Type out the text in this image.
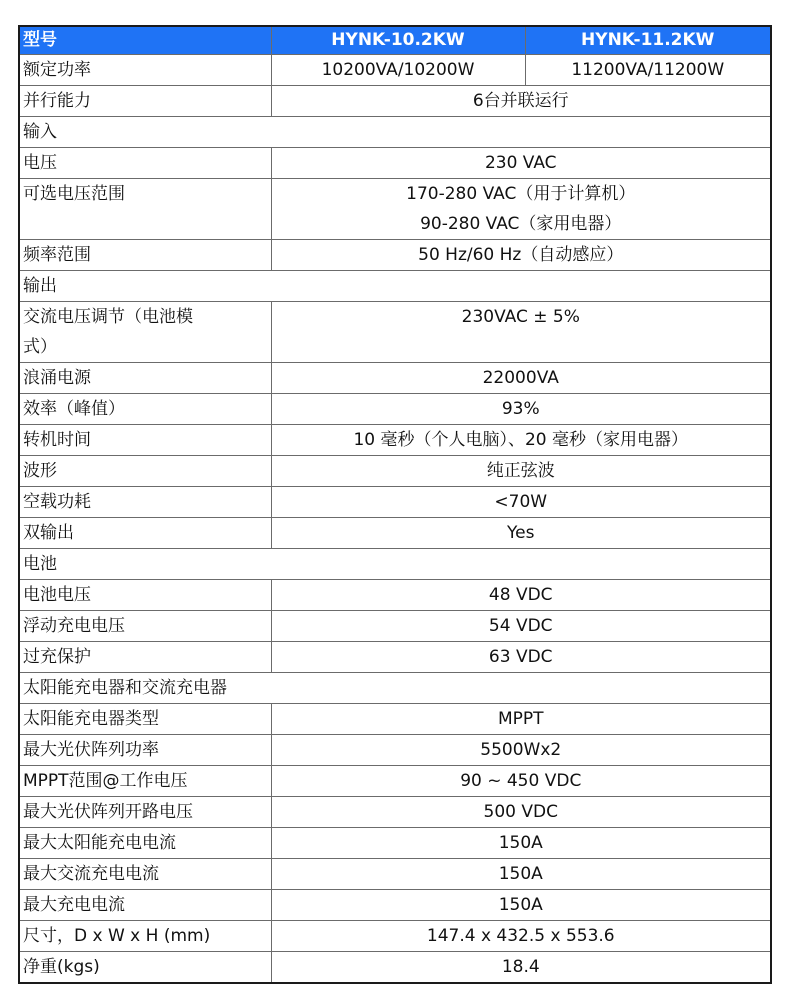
型号	HYNK-10.2KW	HYNK-11.2KW
额定功率	10200VA/10200W	11200VA/11200W
并行能力	6台并联运行	
输入		
电压	230 VAC	
可选电压范围	170-280 VAC（用于计算机）
90-280 VAC（家用电器）	

频率范围	50 Hz/60 Hz（自动感应）	
输出		

交流电压调节（电池模
式）	230VAC ± 5%	
浪涌电源	22000VA	
效率（峰值）	93%	
转机时间	10 毫秒（个人电脑）、20 毫秒（家用电器）	
波形	纯正弦波	
空载功耗	<70W	
双输出	Yes	
电池		
电池电压	48 VDC	
浮动充电电压	54 VDC	
过充保护	63 VDC	
太阳能充电器和交流充电器		
太阳能充电器类型	MPPT	
最大光伏阵列功率	5500Wx2	
MPPT范围@工作电压	90 ~ 450 VDC	
最大光伏阵列开路电压	500 VDC	
最大太阳能充电电流	150A	
最大交流充电电流	150A	
最大充电电流	150A	
尺寸，D x W x H (mm)	147.4 x 432.5 x 553.6	
净重(kgs)	18.4	
